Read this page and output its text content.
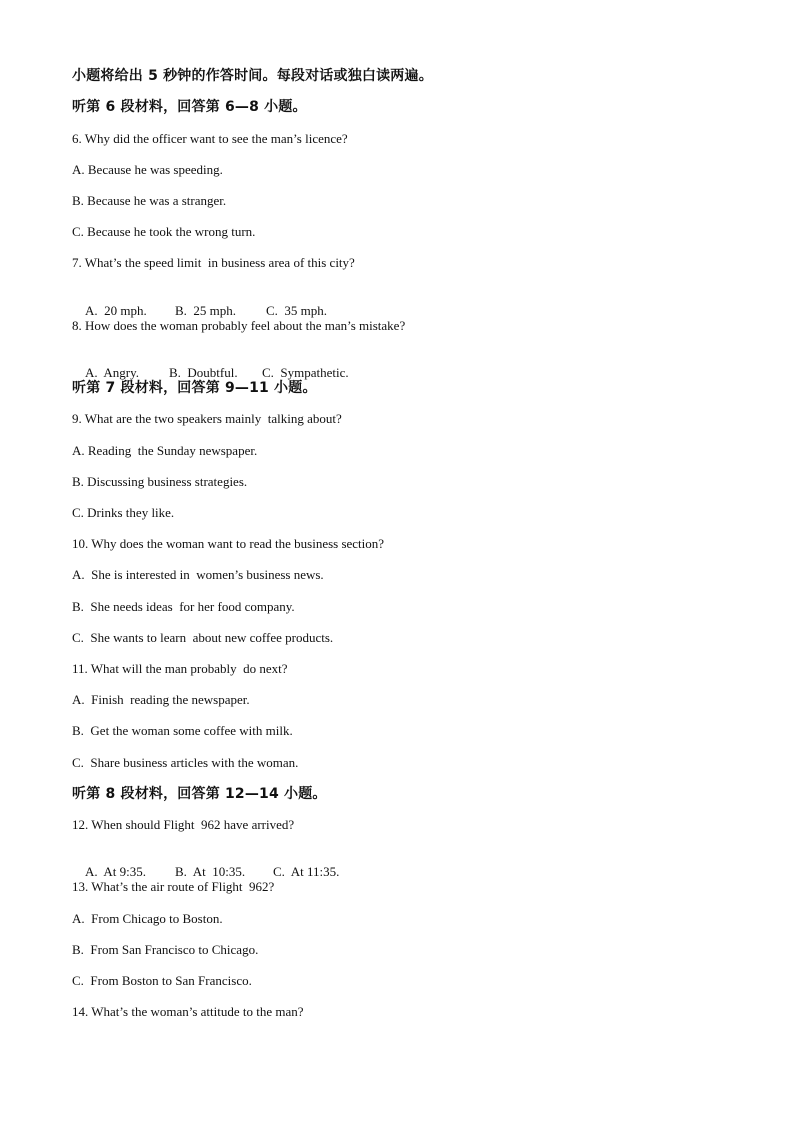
小题将给出 5 秒钟的作答时间。每段对话或独白读两遍。
听第 6 段材料，回答第 6—8 小题。
6. Why did the officer want to see the man’s licence?
A. Because he was speeding.
B. Because he was a stranger.
C. Because he took the wrong turn.
7. What’s the speed limit  in business area of this city?

A.  20 mph. B.  25 mph. C.  35 mph.

8. How does the woman probably feel about the man’s mistake?

A.  Angry. B.  Doubtful. C.  Sympathetic.

听第 7 段材料，回答第 9—11 小题。
9. What are the two speakers mainly  talking about?
A. Reading  the Sunday newspaper.
B. Discussing business strategies.
C. Drinks they like.
10. Why does the woman want to read the business section?
A.  She is interested in  women’s business news.
B.  She needs ideas  for her food company.
C.  She wants to learn  about new coffee products.
11. What will the man probably  do next?
A.  Finish  reading the newspaper.
B.  Get the woman some coffee with milk.
C.  Share business articles with the woman.
听第 8 段材料，回答第 12—14 小题。
12. When should Flight  962 have arrived?

A.  At 9:35. B.  At  10:35. C.  At 11:35.

13. What’s the air route of Flight  962?
A.  From Chicago to Boston.
B.  From San Francisco to Chicago.
C.  From Boston to San Francisco.
14. What’s the woman’s attitude to the man?
